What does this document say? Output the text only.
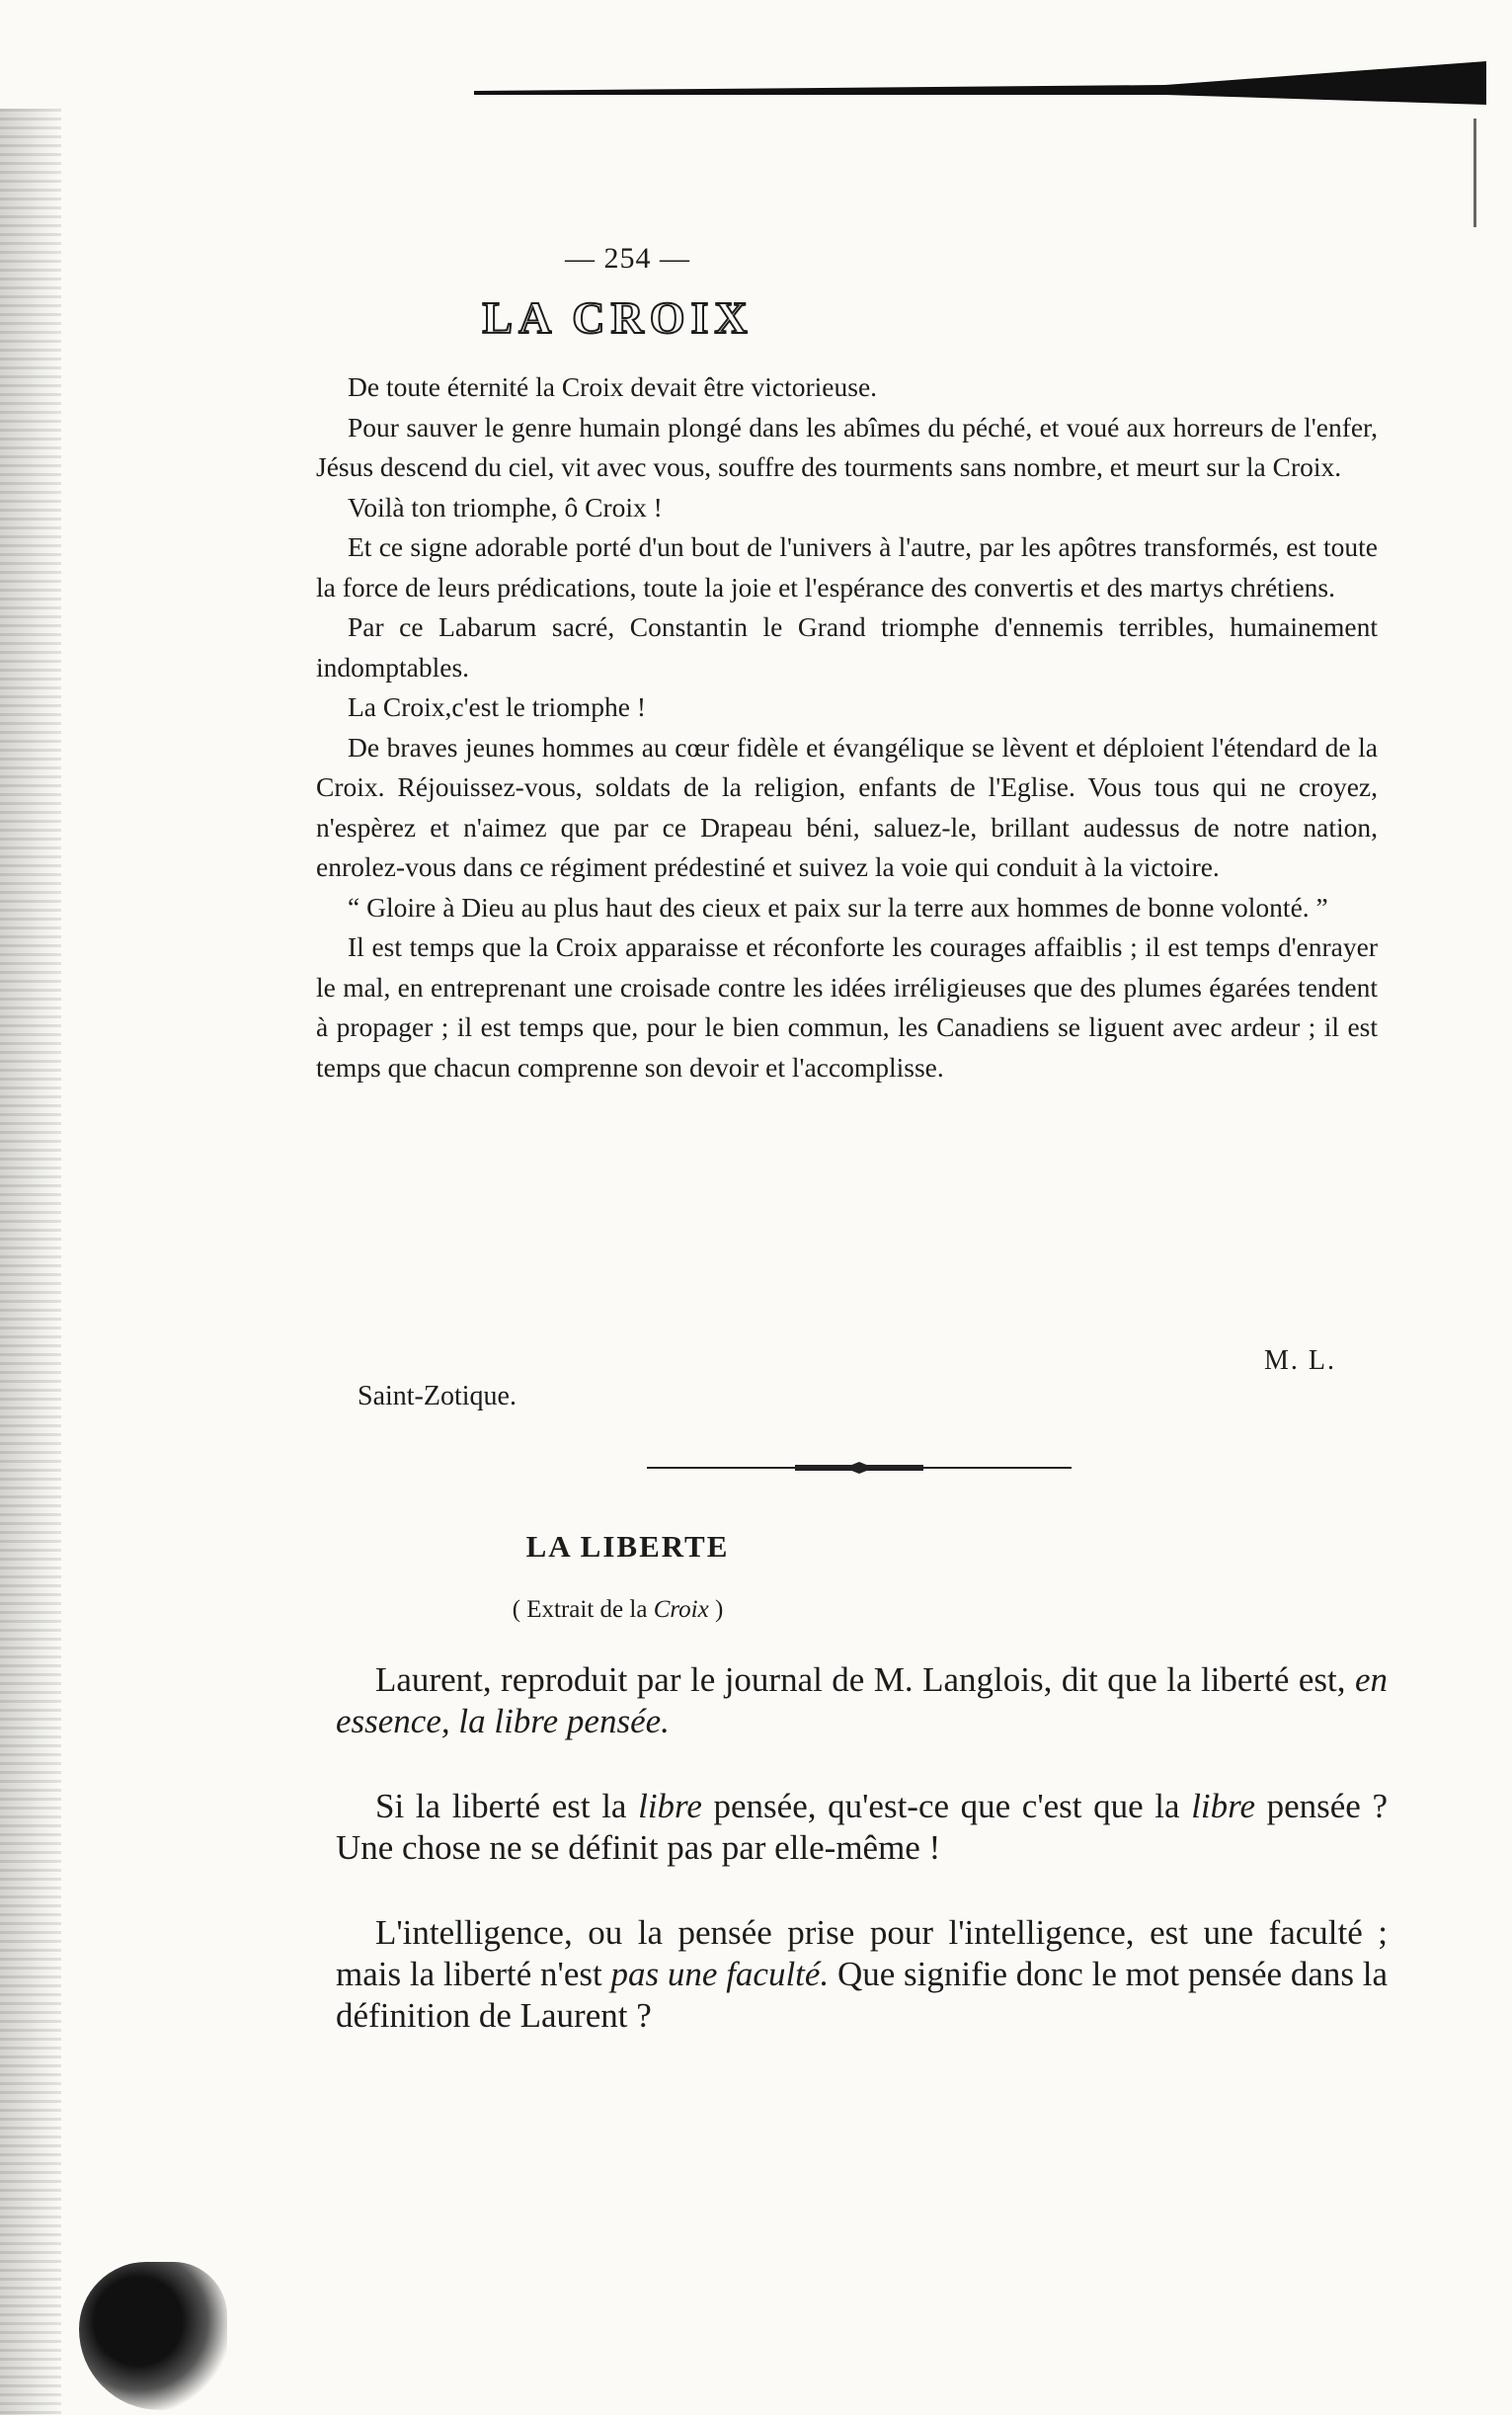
— 254 —
LA CROIX

De toute éternité la Croix devait être victorieuse.

Pour sauver le genre humain plongé dans les abîmes du péché, et voué aux horreurs de l'enfer, Jésus descend du ciel, vit avec vous, souffre des tourments sans nombre, et meurt sur la Croix.

Voilà ton triomphe, ô Croix !

Et ce signe adorable porté d'un bout de l'univers à l'autre, par les apôtres transformés, est toute la force de leurs prédications, toute la joie et l'espérance des convertis et des martys chrétiens.

Par ce Labarum sacré, Constantin le Grand triomphe d'ennemis terribles, humainement indomptables.

La Croix,c'est le triomphe !

De braves jeunes hommes au cœur fidèle et évangélique se lèvent et déploient l'étendard de la Croix. Réjouissez-vous, soldats de la religion, enfants de l'Eglise. Vous tous qui ne croyez, n'espèrez et n'aimez que par ce Drapeau béni, saluez-le, brillant audessus de notre nation, enrolez-vous dans ce régiment prédestiné et suivez la voie qui conduit à la victoire.

“ Gloire à Dieu au plus haut des cieux et paix sur la terre aux hommes de bonne volonté. ”

Il est temps que la Croix apparaisse et réconforte les courages affaiblis ; il est temps d'enrayer le mal, en entreprenant une croisade contre les idées irréligieuses que des plumes égarées tendent à propager ; il est temps que, pour le bien commun, les Canadiens se liguent avec ardeur ; il est temps que chacun comprenne son devoir et l'accomplisse.

M. L.
Saint-Zotique.
LA LIBERTE
( Extrait de la Croix )

Laurent, reproduit par le journal de M. Langlois, dit que la liberté est, en essence, la libre pensée.

Si la liberté est la libre pensée, qu'est-ce que c'est que la libre pensée ? Une chose ne se définit pas par elle-même !

L'intelligence, ou la pensée prise pour l'intelligence, est une faculté ; mais la liberté n'est pas une faculté. Que signifie donc le mot pensée dans la définition de Laurent ?
